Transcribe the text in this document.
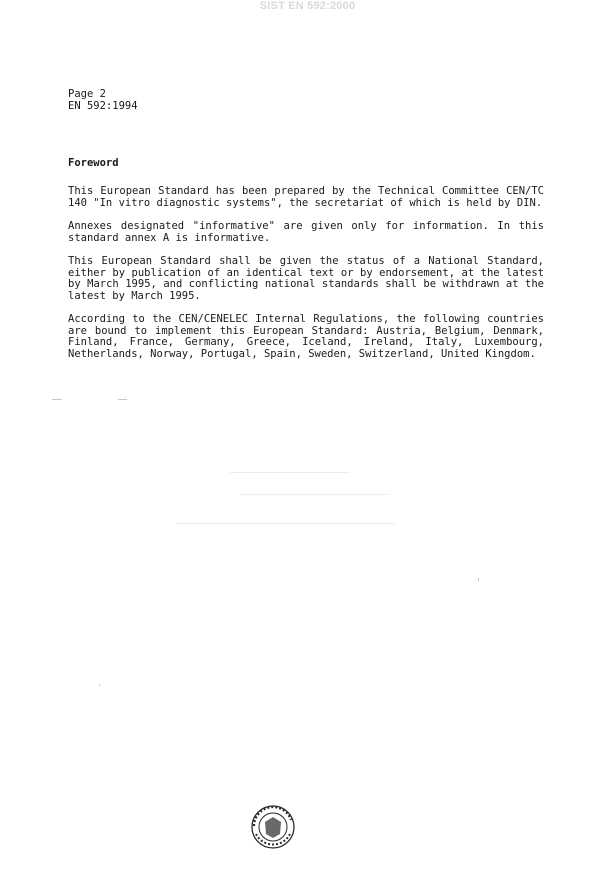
SIST EN 592:2000
Page 2
EN 592:1994
Foreword

This European Standard has been prepared by the Technical Committee CEN/TC 140 "In vitro diagnostic systems", the secretariat of which is held by DIN.

Annexes designated "informative" are given only for information. In this standard annex A is informative.

This European Standard shall be given the status of a National Standard, either by publication of an identical text or by endorsement, at the latest by March 1995, and conflicting national standards shall be withdrawn at the latest by March 1995.

According to the CEN/CENELEC Internal Regulations, the following countries are bound to implement this European Standard: Austria, Belgium, Denmark, Finland, France, Germany, Greece, Iceland, Ireland, Italy, Luxembourg, Netherlands, Norway, Portugal, Spain, Sweden, Switzerland, United Kingdom.
